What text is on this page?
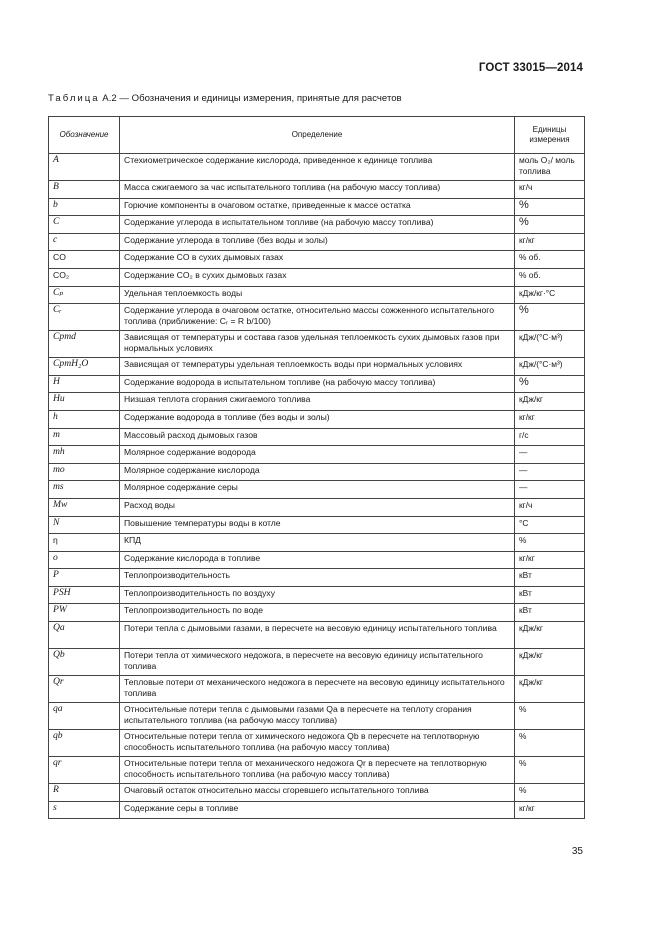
ГОСТ 33015—2014
Таблица А.2 — Обозначения и единицы измерения, принятые для расчетов
Обозначение	Определение	Единицы измерения
A	Стехиометрическое содержание кислорода, приведенное к единице топлива	моль O₂/ моль топлива
B	Масса сжигаемого за час испытательного топлива (на рабочую массу топлива)	кг/ч
b	Горючие компоненты в очаговом остатке, приведенные к массе остатка	%
C	Содержание углерода в испытательном топливе (на рабочую массу топлива)	%
c	Содержание углерода в топливе (без воды и золы)	кг/кг
CO	Содержание CO в сухих дымовых газах	% об.
CO₂	Содержание CO₂ в сухих дымовых газах	% об.
Cₚ	Удельная теплоемкость воды	кДж/кг·°C
Cᵣ	Содержание углерода в очаговом остатке, относительно массы сожженного испытательного топлива (приближение: Cᵣ = R b/100)	%
Cpmd	Зависящая от температуры и состава газов удельная теплоемкость сухих дымовых газов при нормальных условиях	кДж/(°C·м³)
CpmH₂O	Зависящая от температуры удельная теплоемкость воды при нормальных условиях	кДж/(°C·м³)
H	Содержание водорода в испытательном топливе (на рабочую массу топлива)	%
Hu	Низшая теплота сгорания сжигаемого топлива	кДж/кг
h	Содержание водорода в топливе (без воды и золы)	кг/кг
m	Массовый расход дымовых газов	г/с
mh	Молярное содержание водорода	—
mo	Молярное содержание кислорода	—
ms	Молярное содержание серы	—
Mw	Расход воды	кг/ч
N	Повышение температуры воды в котле	°C
η	КПД	%
o	Содержание кислорода в топливе	кг/кг
P	Теплопроизводительность	кВт
PSH	Теплопроизводительность по воздуху	кВт
PW	Теплопроизводительность по воде	кВт
Qa	Потери тепла с дымовыми газами, в пересчете на весовую единицу испытательного топлива	кДж/кг
Qb	Потери тепла от химического недожога, в пересчете на весовую единицу испытательного топлива	кДж/кг
Qr	Тепловые потери от механического недожога в пересчете на весовую единицу испытательного топлива	кДж/кг
qa	Относительные потери тепла с дымовыми газами Qa в пересчете на теплоту сгорания испытательного топлива (на рабочую массу топлива)	%
qb	Относительные потери тепла от химического недожога Qb в пересчете на теплотворную способность испытательного топлива (на рабочую массу топлива)	%
qr	Относительные потери тепла от механического недожога Qr в пересчете на теплотворную способность испытательного топлива (на рабочую массу топлива)	%
R	Очаговый остаток относительно массы сгоревшего испытательного топлива	%
s	Содержание серы в топливе	кг/кг
35
